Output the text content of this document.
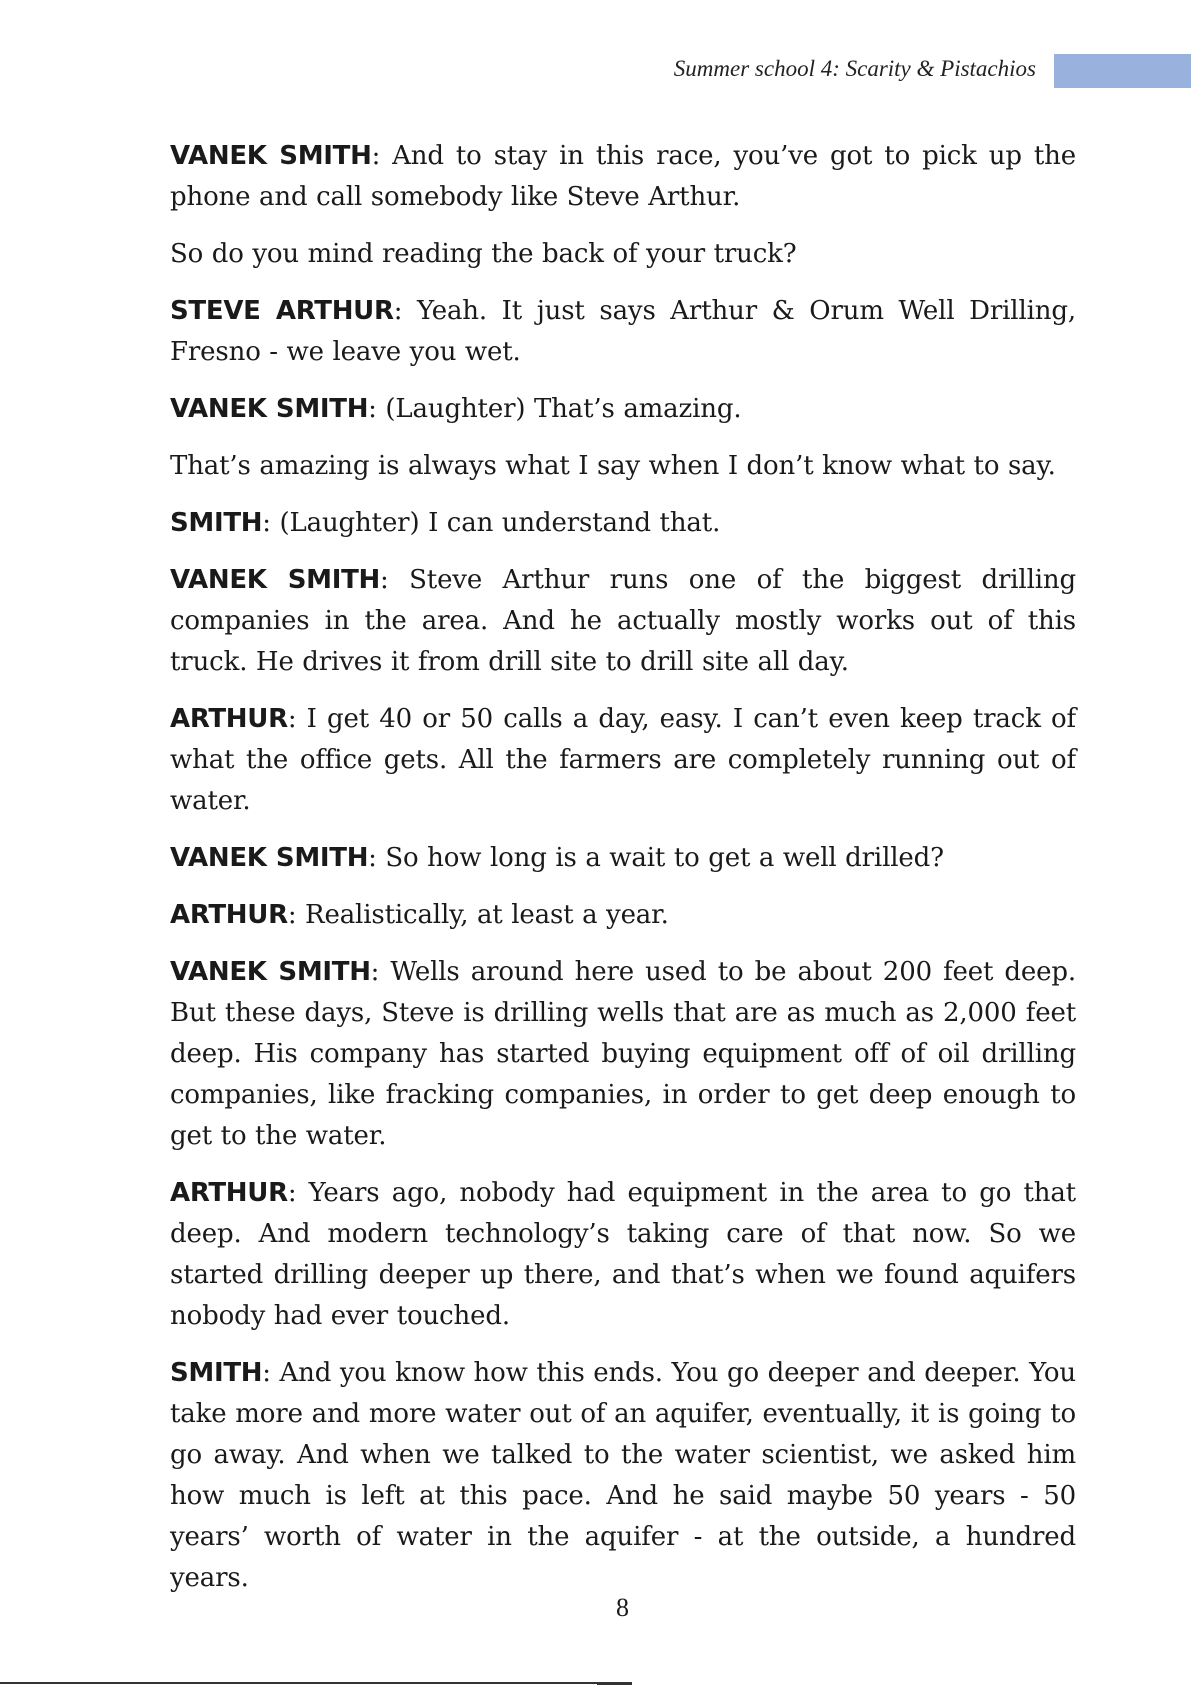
Summer school 4: Scarity & Pistachios

VANEK SMITH: And to stay in this race, you’ve got to pick up the phone and call somebody like Steve Arthur.

So do you mind reading the back of your truck?

STEVE ARTHUR: Yeah. It just says Arthur & Orum Well Drilling, Fresno - we leave you wet.

VANEK SMITH: (Laughter) That’s amazing.

That’s amazing is always what I say when I don’t know what to say.

SMITH: (Laughter) I can understand that.

VANEK SMITH: Steve Arthur runs one of the biggest drilling companies in the area. And he actually mostly works out of this truck. He drives it from drill site to drill site all day.

ARTHUR: I get 40 or 50 calls a day, easy. I can’t even keep track of what the office gets. All the farmers are completely running out of water.

VANEK SMITH: So how long is a wait to get a well drilled?

ARTHUR: Realistically, at least a year.

VANEK SMITH: Wells around here used to be about 200 feet deep. But these days, Steve is drilling wells that are as much as 2,000 feet deep. His company has started buying equipment off of oil drilling companies, like fracking companies, in order to get deep enough to get to the water.

ARTHUR: Years ago, nobody had equipment in the area to go that deep. And modern technology’s taking care of that now. So we started drilling deeper up there, and that’s when we found aquifers nobody had ever touched.

SMITH: And you know how this ends. You go deeper and deeper. You take more and more water out of an aquifer, eventually, it is going to go away. And when we talked to the water scientist, we asked him how much is left at this pace. And he said maybe 50 years - 50 years’ worth of water in the aquifer - at the outside, a hundred years.

8
